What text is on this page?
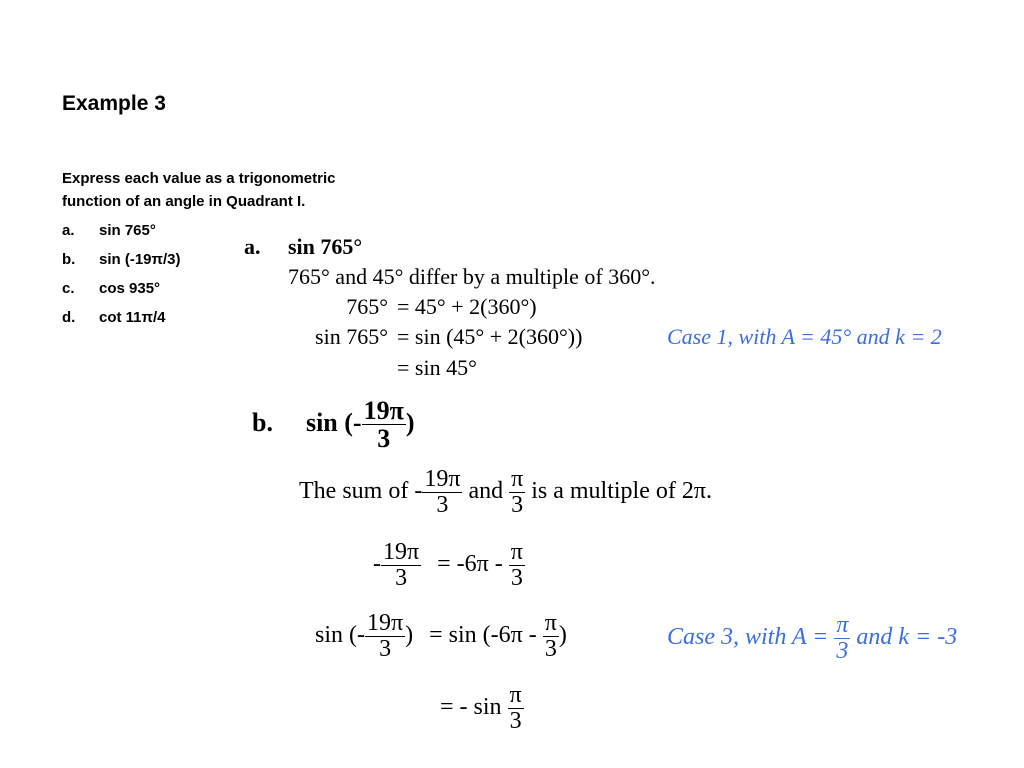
Example 3
Express each value as a trigonometric function of an angle in Quadrant I.
a. sin 765°
b. sin (-19π/3)
c. cos 935°
d. cot 11π/4
a. sin 765°
765° and 45° differ by a multiple of 360°.
765° = 45° + 2(360°)
sin 765° = sin (45° + 2(360°))	Case 1, with A = 45° and k = 2
= sin 45°
b. sin (- $\frac{19\pi}{3}$ )
The sum of - $\frac{19\pi}{3}$ and $\frac{\pi}{3}$ is a multiple of 2π.
- $\frac{19\pi}{3} = -6\pi - \frac{\pi}{3}$
sin (- $\frac{19\pi}{3}$ ) = $\sin (-6\pi - \frac{\pi}{3}$ )	Case 3, with $A = \frac{\pi}{3}$ and k = -3
= - $\sin \frac{\pi}{3}$
